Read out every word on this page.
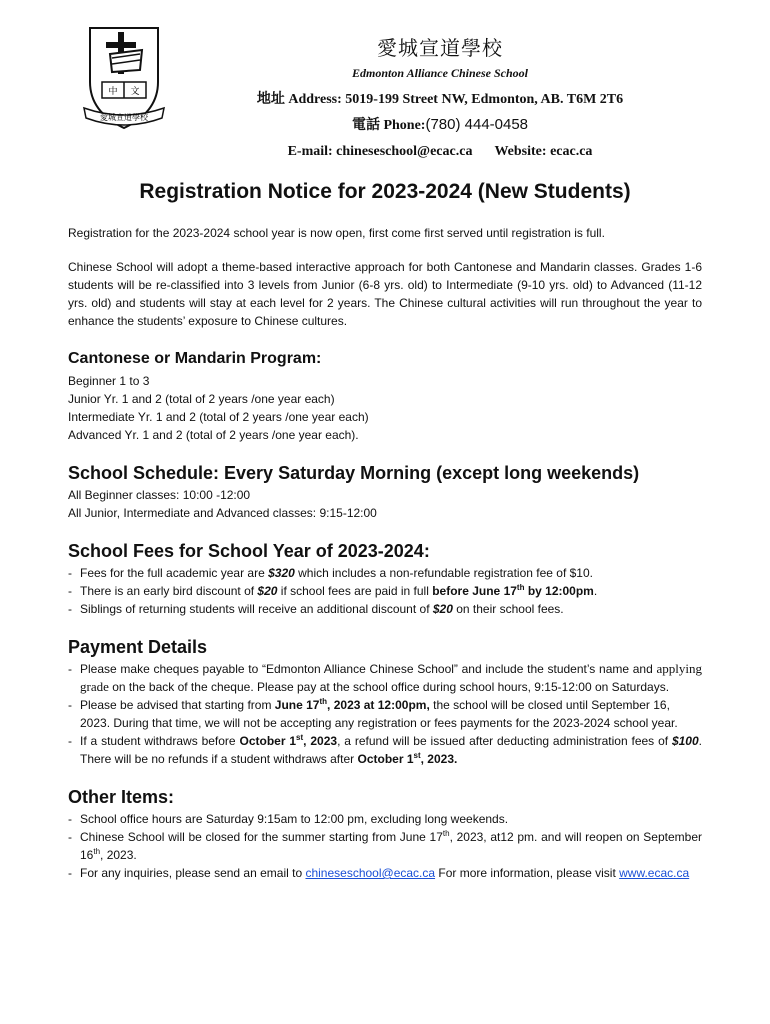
中 文
愛城宣道學校
愛城宣道學校
Edmonton Alliance Chinese School
地址 Address: 5019-199 Street NW, Edmonton, AB. T6M 2T6
電話 Phone:(780) 444-0458
E-mail: chineseschool@ecac.ca Website: ecac.ca
Registration Notice for 2023-2024 (New Students)

Registration for the 2023-2024 school year is now open, first come first served until registration is full.

Chinese School will adopt a theme-based interactive approach for both Cantonese and Mandarin classes. Grades 1-6 students will be re-classified into 3 levels from Junior (6-8 yrs. old) to Intermediate (9-10 yrs. old) to Advanced (11-12 yrs. old) and students will stay at each level for 2 years. The Chinese cultural activities will run throughout the year to enhance the students’ exposure to Chinese cultures.

Cantonese or Mandarin Program:

Beginner 1 to 3

Junior Yr. 1 and 2 (total of 2 years /one year each)

Intermediate Yr. 1 and 2 (total of 2 years /one year each)

Advanced Yr. 1 and 2 (total of 2 years /one year each).

School Schedule: Every Saturday Morning (except long weekends)

All Beginner classes: 10:00 -12:00

All Junior, Intermediate and Advanced classes: 9:15-12:00

School Fees for School Year of 2023-2024:
- Fees for the full academic year are $320 which includes a non-refundable registration fee of $10.
- There is an early bird discount of $20 if school fees are paid in full before June 17th by 12:00pm.
- Siblings of returning students will receive an additional discount of $20 on their school fees.
Payment Details
- Please make cheques payable to “Edmonton Alliance Chinese School” and include the student’s name and applying grade on the back of the cheque. Please pay at the school office during school hours, 9:15-12:00 on Saturdays.
- Please be advised that starting from June 17th, 2023 at 12:00pm, the school will be closed until September 16, 2023. During that time, we will not be accepting any registration or fees payments for the 2023-2024 school year.
- If a student withdraws before October 1st, 2023, a refund will be issued after deducting administration fees of $100. There will be no refunds if a student withdraws after October 1st, 2023.
Other Items:
- School office hours are Saturday 9:15am to 12:00 pm, excluding long weekends.
- Chinese School will be closed for the summer starting from June 17th, 2023, at12 pm. and will reopen on September 16th, 2023.
- For any inquiries, please send an email to chineseschool@ecac.ca For more information, please visit www.ecac.ca
